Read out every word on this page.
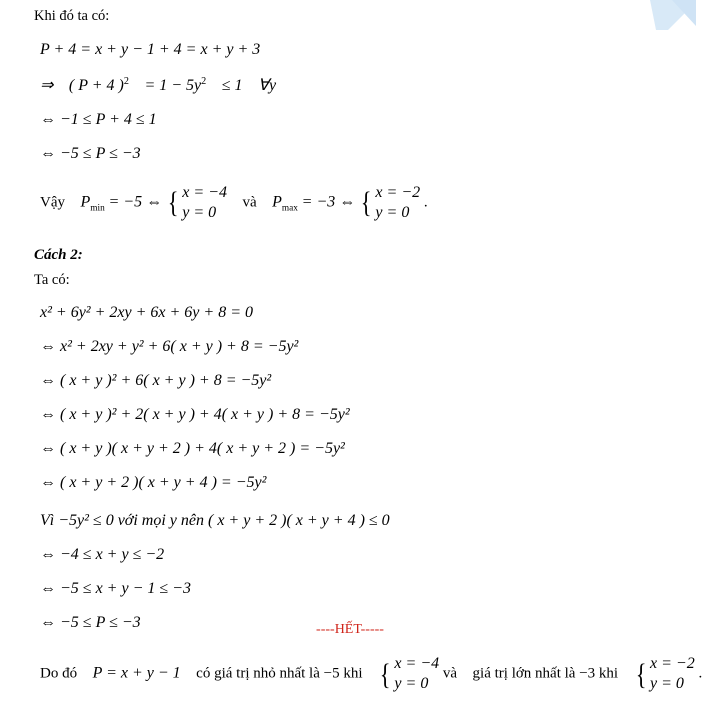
Khi đó ta có:
P + 4 = x + y − 1 + 4 = x + y + 3
⇒ ( P + 4 )$^2 = 1 - 5y^2 \le 1$ ∀y
⇔ −1 ≤ P + 4 ≤ 1
⇔ −5 ≤ P ≤ −3
Vậy $P_{min} = -5$ ⇔ { x = −4
y = 0
và $P_{max} = -3$ ⇔ { x = −2
y = 0
.
Cách 2:
Ta có:
x² + 6y² + 2xy + 6x + 6y + 8 = 0
⇔ x² + 2xy + y² + 6( x + y ) + 8 = −5y²
⇔ ( x + y )² + 6( x + y ) + 8 = −5y²
⇔ ( x + y )² + 2( x + y ) + 4( x + y ) + 8 = −5y²
⇔ ( x + y )( x + y + 2 ) + 4( x + y + 2 ) = −5y²
⇔ ( x + y + 2 )( x + y + 4 ) = −5y²
Vì −5y² ≤ 0 với mọi y nên ( x + y + 2 )( x + y + 4 ) ≤ 0
⇔ −4 ≤ x + y ≤ −2
⇔ −5 ≤ x + y − 1 ≤ −3
⇔ −5 ≤ P ≤ −3
Do đó P = x + y − 1 có giá trị nhỏ nhất là −5 khi { x = −4
y = 0
và giá trị lớn nhất là −3 khi { x = −2
y = 0
.
----HẾT-----
